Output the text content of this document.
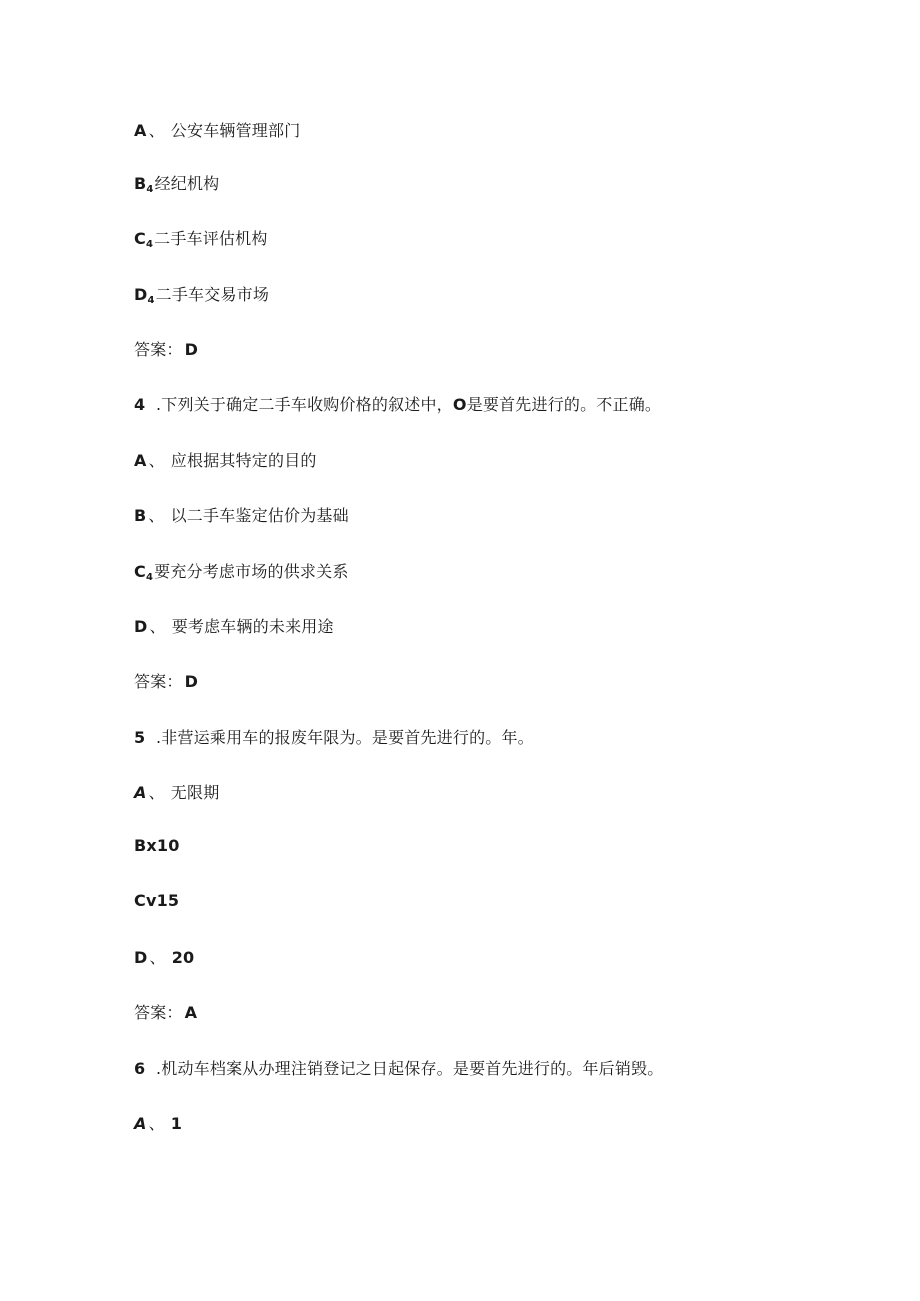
A 、 公安车辆管理部门
$B_4$经纪机构
$C_4$二手车评估机构
$D_4$二手车交易市场
答案： D
4 .下列关于确定二手车收购价格的叙述中，O是要首先进行的。不正确。
A 、 应根据其特定的目的
B 、 以二手车鉴定估价为基础
$C_4$要充分考虑市场的供求关系
D 、 要考虑车辆的未来用途
答案： D
5 .非营运乘用车的报废年限为。是要首先进行的。年。
A 、 无限期
Bx10
Cv15
D 、 20
答案： A
6 .机动车档案从办理注销登记之日起保存。是要首先进行的。年后销毁。
A 、 1
